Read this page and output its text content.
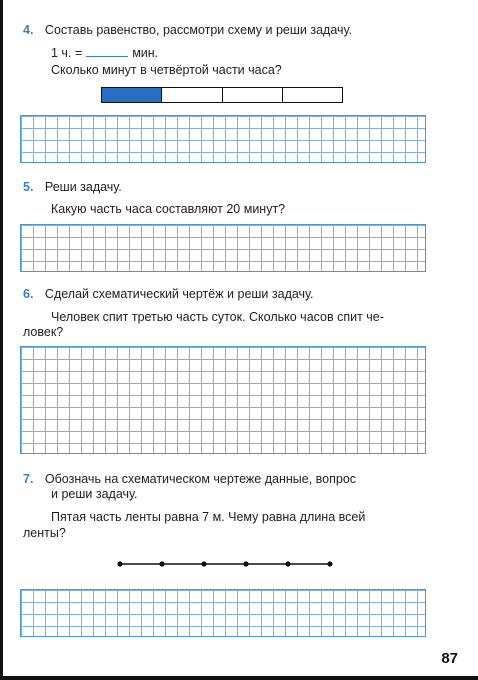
4. Составь равенство, рассмотри схему и реши задачу.
1 ч. =	мин.
Сколько минут в четвёртой части часа?
5. Реши задачу.
Какую часть часа составляют 20 минут?
6. Сделай схематический чертёж и реши задачу.
Человек спит третью часть суток. Сколько часов спит че-
ловек?
7. Обозначь на схематическом чертеже данные, вопрос
и реши задачу.
Пятая часть ленты равна 7 м. Чему равна длина всей
ленты?
87
